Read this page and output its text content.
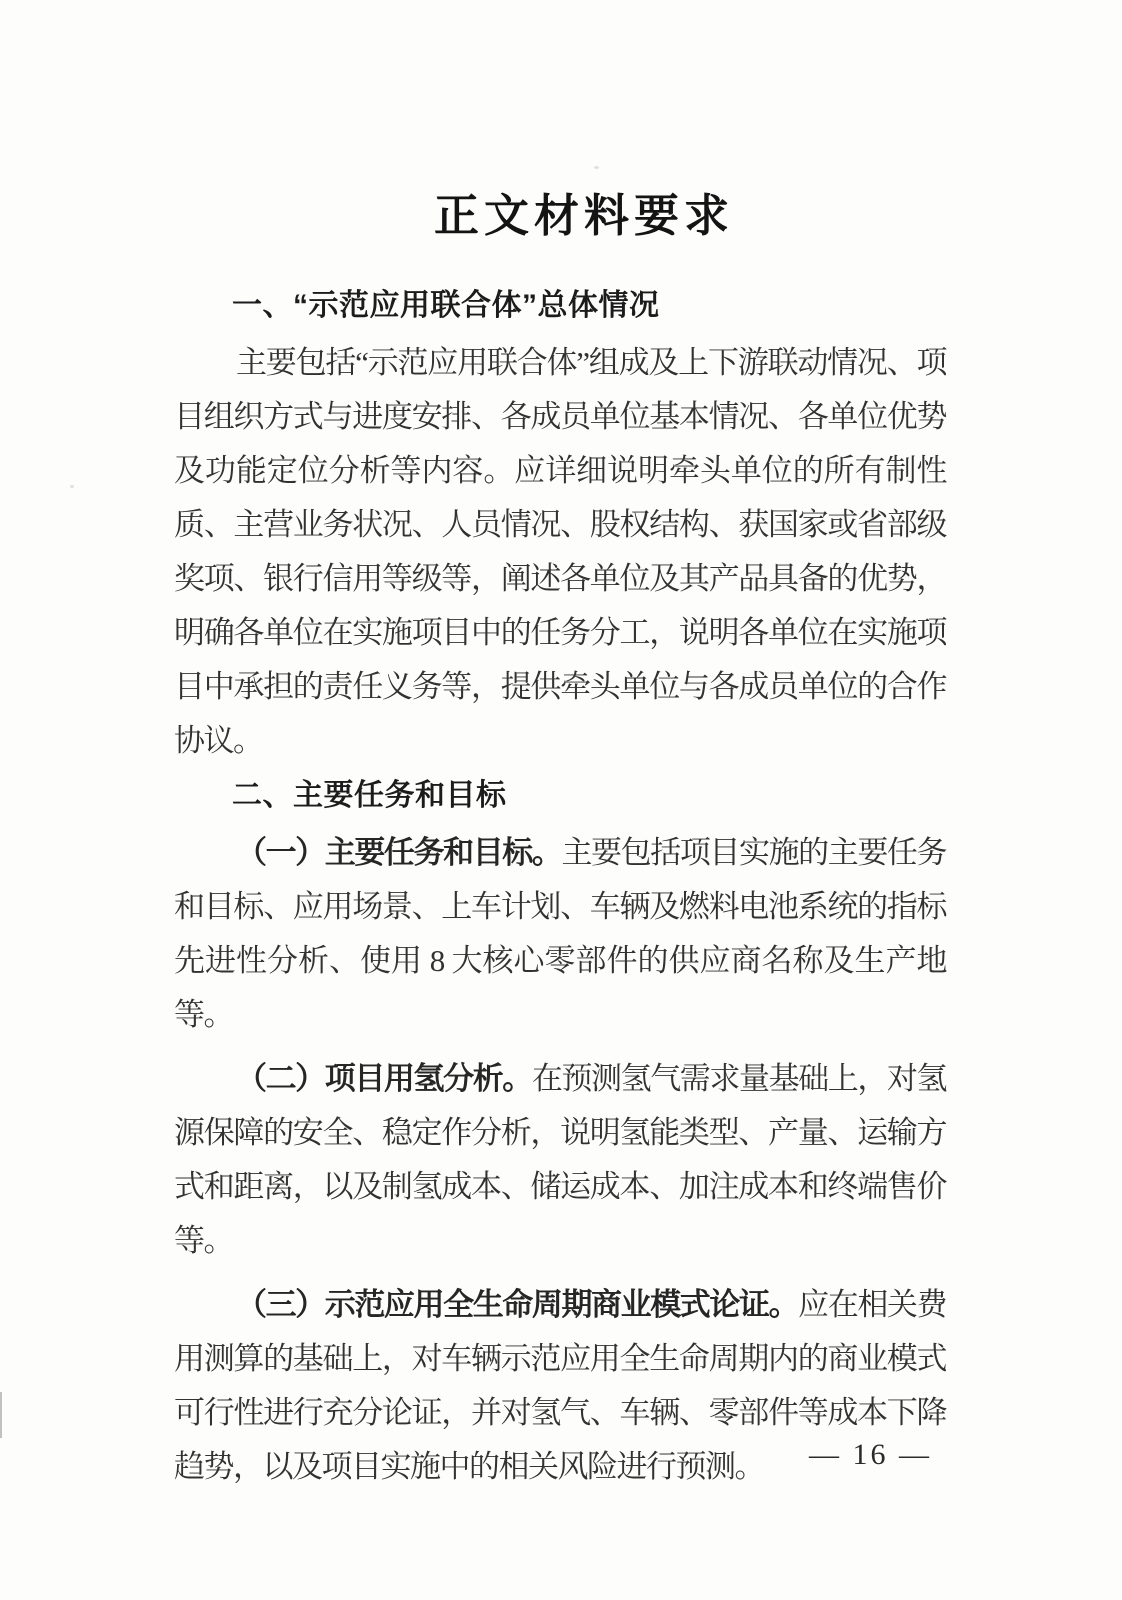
正文材料要求
一、“示范应用联合体”总体情况

主要包括“示范应用联合体”组成及上下游联动情况、项目组织方式与进度安排、各成员单位基本情况、各单位优势及功能定位分析等内容。应详细说明牵头单位的所有制性质、主营业务状况、人员情况、股权结构、获国家或省部级奖项、银行信用等级等，阐述各单位及其产品具备的优势，明确各单位在实施项目中的任务分工，说明各单位在实施项目中承担的责任义务等，提供牵头单位与各成员单位的合作协议。

二、主要任务和目标

（一）主要任务和目标。主要包括项目实施的主要任务和目标、应用场景、上车计划、车辆及燃料电池系统的指标先进性分析、使用 8 大核心零部件的供应商名称及生产地等。

（二）项目用氢分析。在预测氢气需求量基础上，对氢源保障的安全、稳定作分析，说明氢能类型、产量、运输方式和距离，以及制氢成本、储运成本、加注成本和终端售价等。

（三）示范应用全生命周期商业模式论证。应在相关费用测算的基础上，对车辆示范应用全生命周期内的商业模式可行性进行充分论证，并对氢气、车辆、零部件等成本下降趋势，以及项目实施中的相关风险进行预测。	— 16 —
